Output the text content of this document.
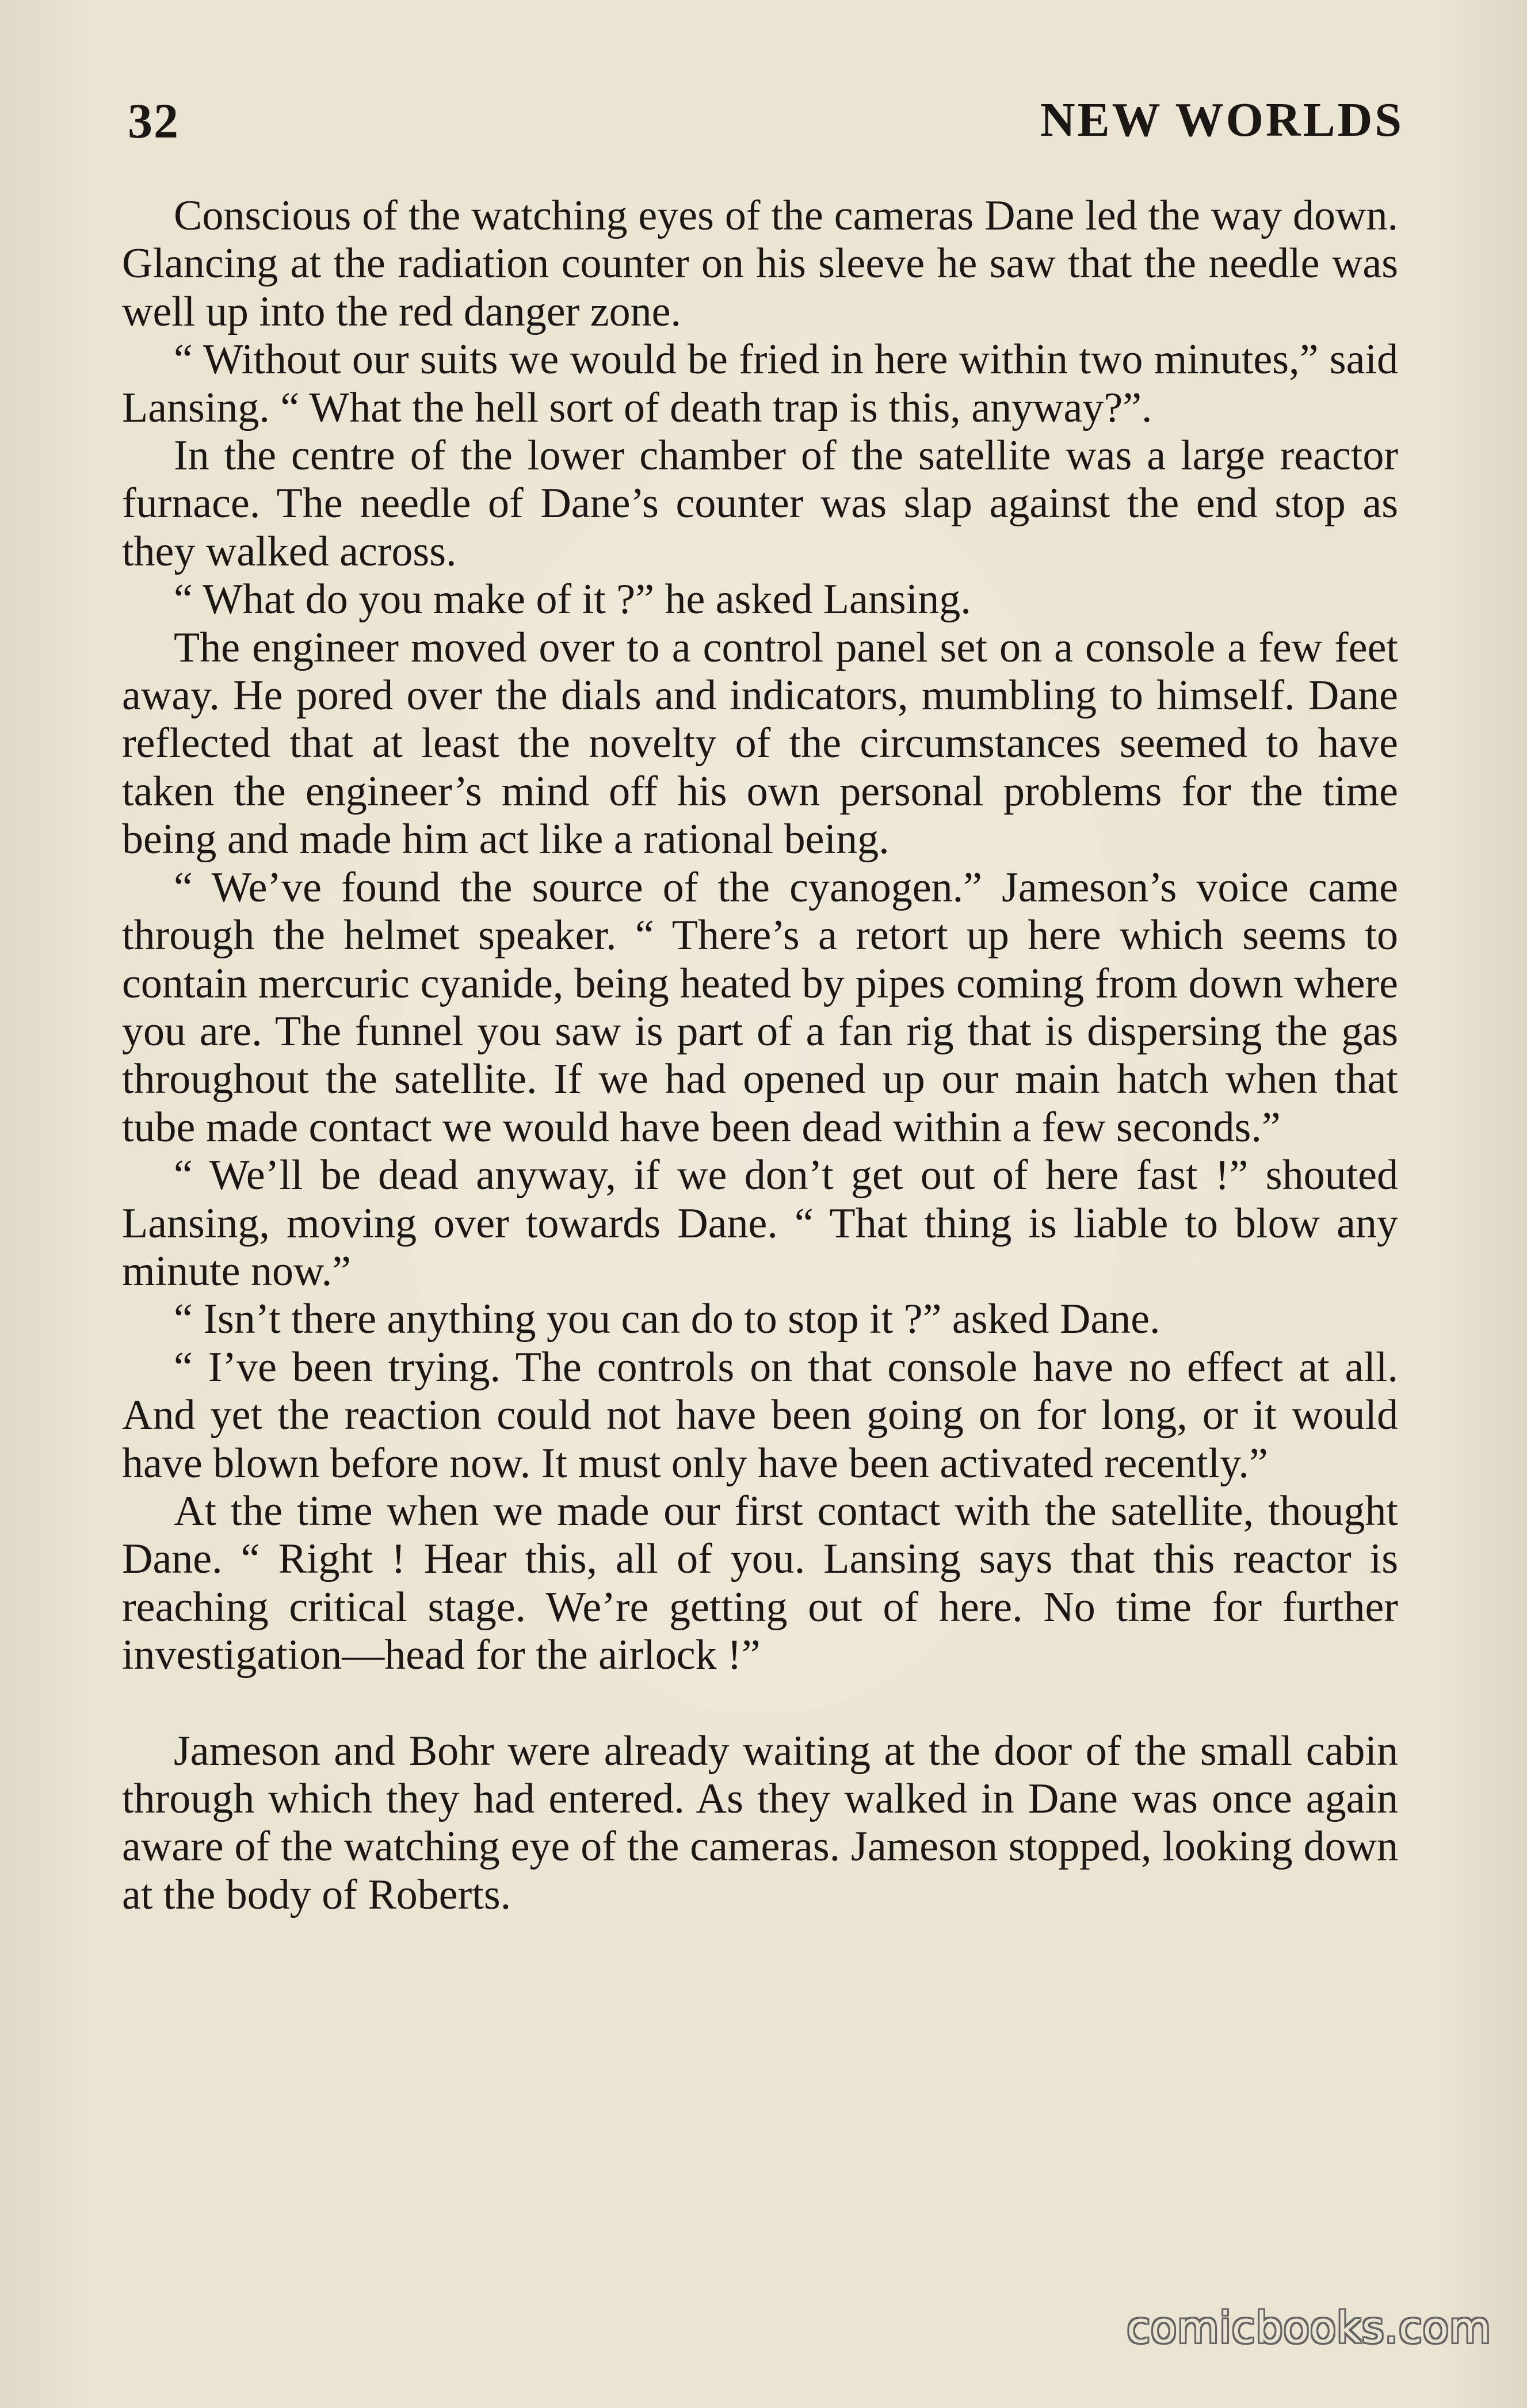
32	NEW WORLDS

Conscious of the watching eyes of the cameras Dane led the way down. Glancing at the radiation counter on his sleeve he saw that the needle was well up into the red danger zone.

“ Without our suits we would be fried in here within two minutes,” said Lansing. “ What the hell sort of death trap is this, anyway?”.

In the centre of the lower chamber of the satellite was a large reactor furnace. The needle of Dane’s counter was slap against the end stop as they walked across.

“ What do you make of it ?” he asked Lansing.

The engineer moved over to a control panel set on a console a few feet away. He pored over the dials and indicators, mumbling to himself. Dane reflected that at least the novelty of the circumstances seemed to have taken the engineer’s mind off his own personal problems for the time being and made him act like a rational being.

“ We’ve found the source of the cyanogen.” Jameson’s voice came through the helmet speaker. “ There’s a retort up here which seems to contain mercuric cyanide, being heated by pipes coming from down where you are. The funnel you saw is part of a fan rig that is dispersing the gas throughout the satellite. If we had opened up our main hatch when that tube made contact we would have been dead within a few seconds.”

“ We’ll be dead anyway, if we don’t get out of here fast !” shouted Lansing, moving over towards Dane. “ That thing is liable to blow any minute now.”

“ Isn’t there anything you can do to stop it ?” asked Dane.

“ I’ve been trying. The controls on that console have no effect at all. And yet the reaction could not have been going on for long, or it would have blown before now. It must only have been activated recently.”

At the time when we made our first contact with the satellite, thought Dane. “ Right ! Hear this, all of you. Lansing says that this reactor is reaching critical stage. We’re getting out of here. No time for further investigation—head for the airlock !”

Jameson and Bohr were already waiting at the door of the small cabin through which they had entered. As they walked in Dane was once again aware of the watching eye of the cameras. Jameson stopped, looking down at the body of Roberts.

comicbooks.com
